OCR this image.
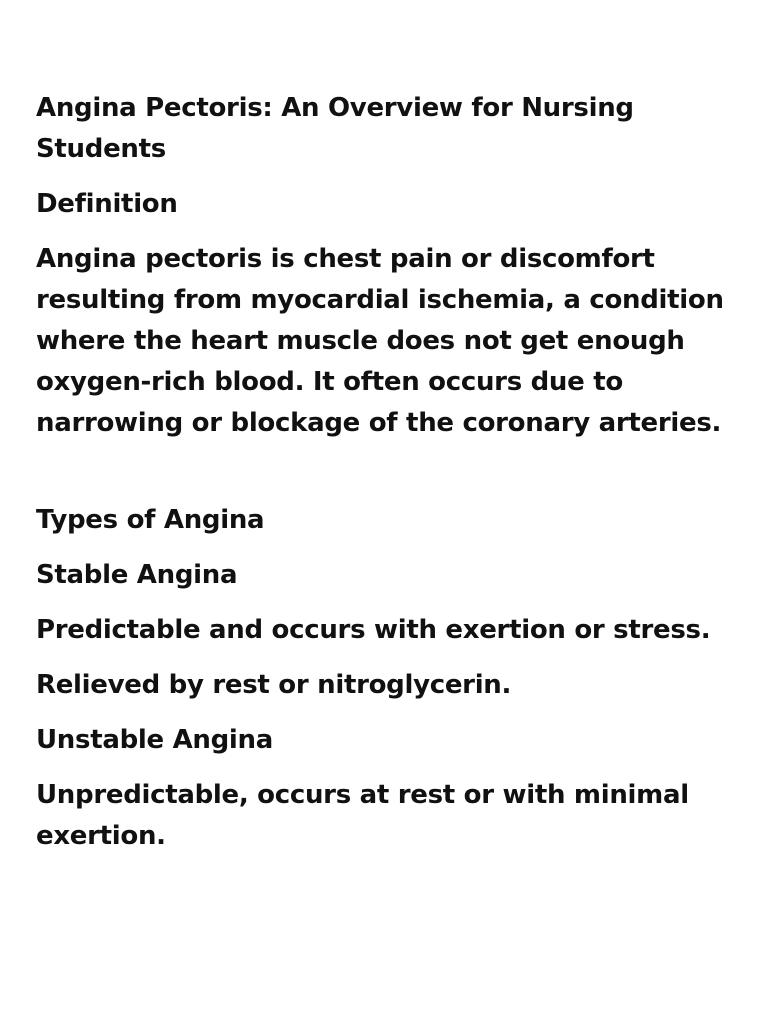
Angina Pectoris: An Overview for Nursing Students

Definition

Angina pectoris is chest pain or discomfort resulting from myocardial ischemia, a condition where the heart muscle does not get enough oxygen-rich blood. It often occurs due to narrowing or blockage of the coronary arteries.

Types of Angina

Stable Angina

Predictable and occurs with exertion or stress.

Relieved by rest or nitroglycerin.

Unstable Angina

Unpredictable, occurs at rest or with minimal exertion.
